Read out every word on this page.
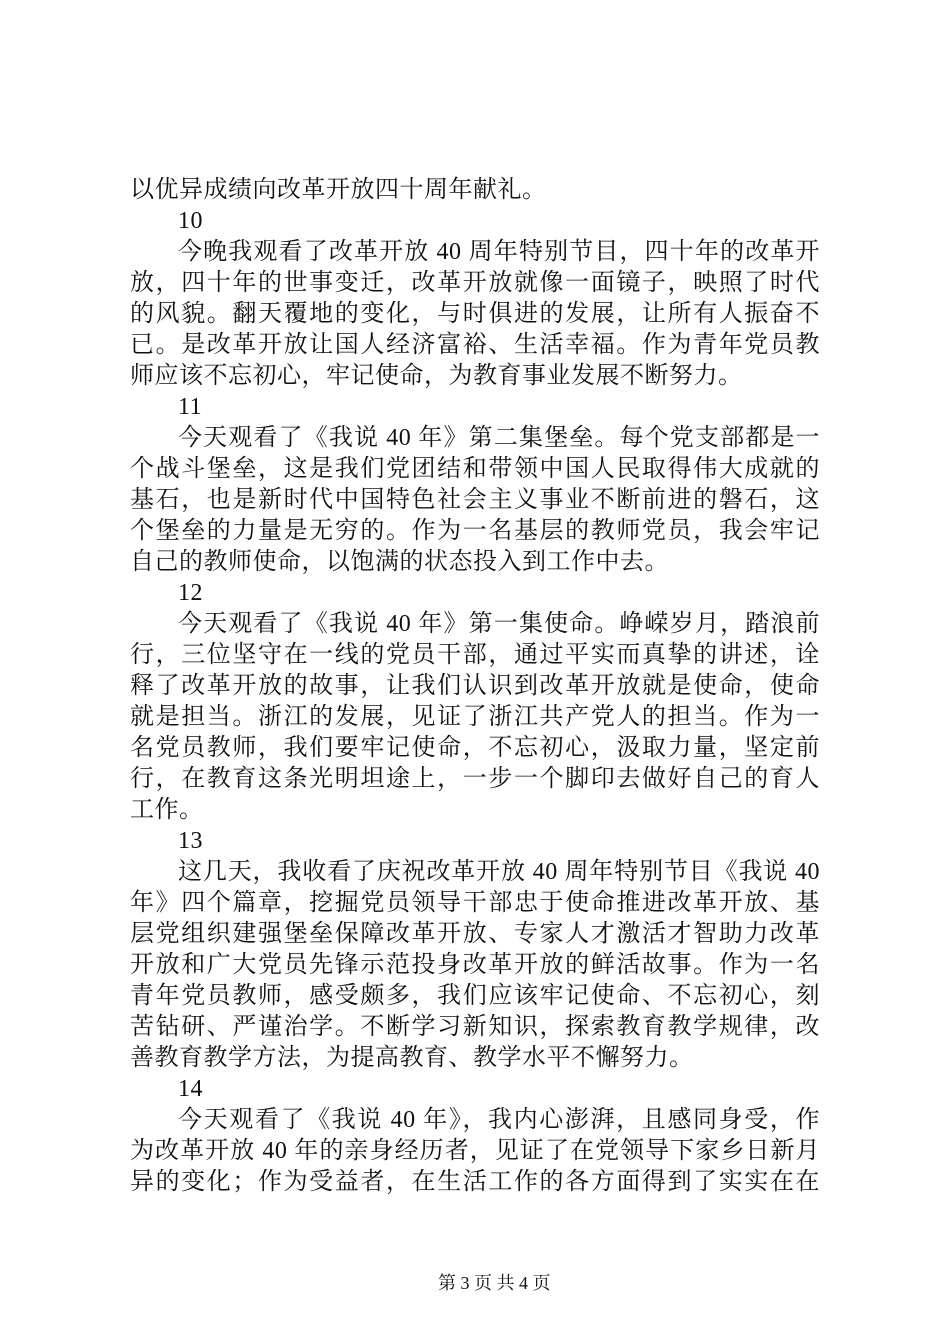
以优异成绩向改革开放四十周年献礼。
10
今晚我观看了改革开放 40 周年特别节目，四十年的改革开
放，四十年的世事变迁，改革开放就像一面镜子，映照了时代
的风貌。翻天覆地的变化，与时俱进的发展，让所有人振奋不
已。是改革开放让国人经济富裕、生活幸福。作为青年党员教
师应该不忘初心，牢记使命，为教育事业发展不断努力。
11
今天观看了《我说 40 年》第二集堡垒。每个党支部都是一
个战斗堡垒，这是我们党团结和带领中国人民取得伟大成就的
基石，也是新时代中国特色社会主义事业不断前进的磐石，这
个堡垒的力量是无穷的。作为一名基层的教师党员，我会牢记
自己的教师使命，以饱满的状态投入到工作中去。
12
今天观看了《我说 40 年》第一集使命。峥嵘岁月，踏浪前
行，三位坚守在一线的党员干部，通过平实而真挚的讲述，诠
释了改革开放的故事，让我们认识到改革开放就是使命，使命
就是担当。浙江的发展，见证了浙江共产党人的担当。作为一
名党员教师，我们要牢记使命，不忘初心，汲取力量，坚定前
行，在教育这条光明坦途上，一步一个脚印去做好自己的育人
工作。
13
这几天，我收看了庆祝改革开放 40 周年特别节目《我说 40
年》四个篇章，挖掘党员领导干部忠于使命推进改革开放、基
层党组织建强堡垒保障改革开放、专家人才激活才智助力改革
开放和广大党员先锋示范投身改革开放的鲜活故事。作为一名
青年党员教师，感受颇多，我们应该牢记使命、不忘初心，刻
苦钻研、严谨治学。不断学习新知识，探索教育教学规律，改
善教育教学方法，为提高教育、教学水平不懈努力。
14
今天观看了《我说 40 年》，我内心澎湃，且感同身受，作
为改革开放 40 年的亲身经历者，见证了在党领导下家乡日新月
异的变化；作为受益者，在生活工作的各方面得到了实实在在
第 3 页 共 4 页
